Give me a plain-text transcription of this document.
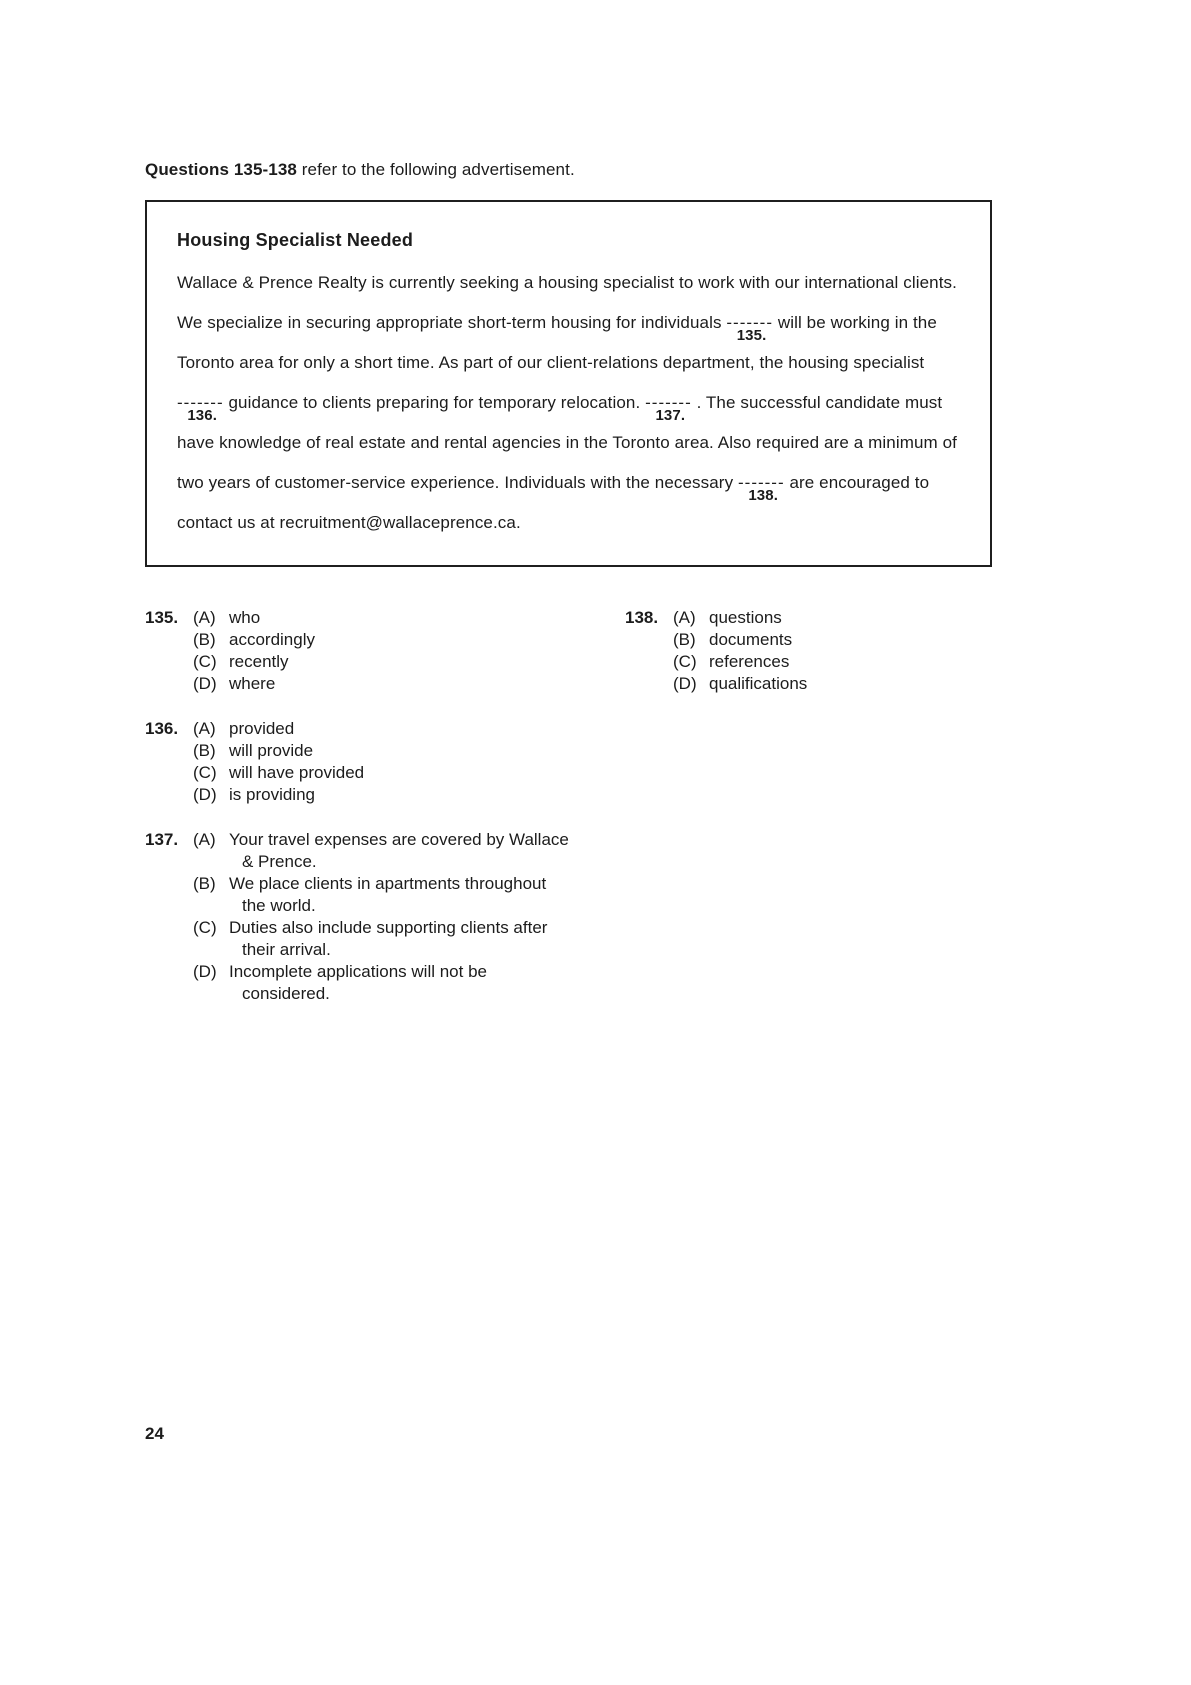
Questions 135-138 refer to the following advertisement.
Housing Specialist Needed
Wallace & Prence Realty is currently seeking a housing specialist to work with our international clients. We specialize in securing appropriate short-term housing for individuals -------
135.
will be working in the Toronto area for only a short time. As part of our client-relations department, the housing specialist -------
136.
guidance to clients preparing for temporary relocation. -------
137.
. The successful candidate must have knowledge of real estate and rental agencies in the Toronto area. Also required are a minimum of two years of customer-service experience. Individuals with the necessary -------
138.
are encouraged to contact us at recruitment@wallaceprence.ca.
135. (A) who
(B) accordingly
(C) recently
(D) where
136. (A) provided
(B) will provide
(C) will have provided
(D) is providing
137. (A) Your travel expenses are covered by Wallace & Prence.
(B) We place clients in apartments throughout the world.
(C) Duties also include supporting clients after their arrival.
(D) Incomplete applications will not be considered.
138. (A) questions
(B) documents
(C) references
(D) qualifications
24
